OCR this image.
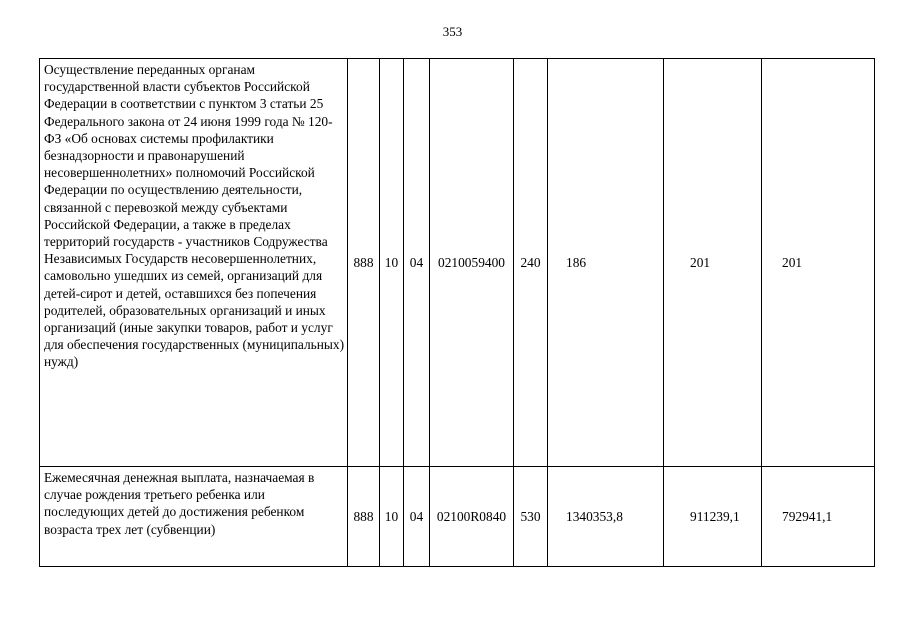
353
Осуществление переданных органам государственной власти субъектов Российской Федерации в соответствии с пунктом 3 статьи 25 Федерального закона от 24 июня 1999 года № 120-ФЗ «Об основах системы профилактики безнадзорности и правонарушений несовершеннолетних» полномочий Российской Федерации по осуществлению деятельности, связанной с перевозкой между субъектами Российской Федерации, а также в пределах территорий государств - участников Содружества Независимых Государств несовершеннолетних, самовольно ушедших из семей, организаций для детей-сирот и детей, оставшихся без попечения родителей, образовательных организаций и иных организаций (иные закупки товаров, работ и услуг для обеспечения государственных (муниципальных) нужд)	888	10	04	0210059400	240	186	201	201
Ежемесячная денежная выплата, назначаемая в случае рождения третьего ребенка или последующих детей до достижения ребенком возраста трех лет (субвенции)	888	10	04	02100R0840	530	1340353,8	911239,1	792941,1
